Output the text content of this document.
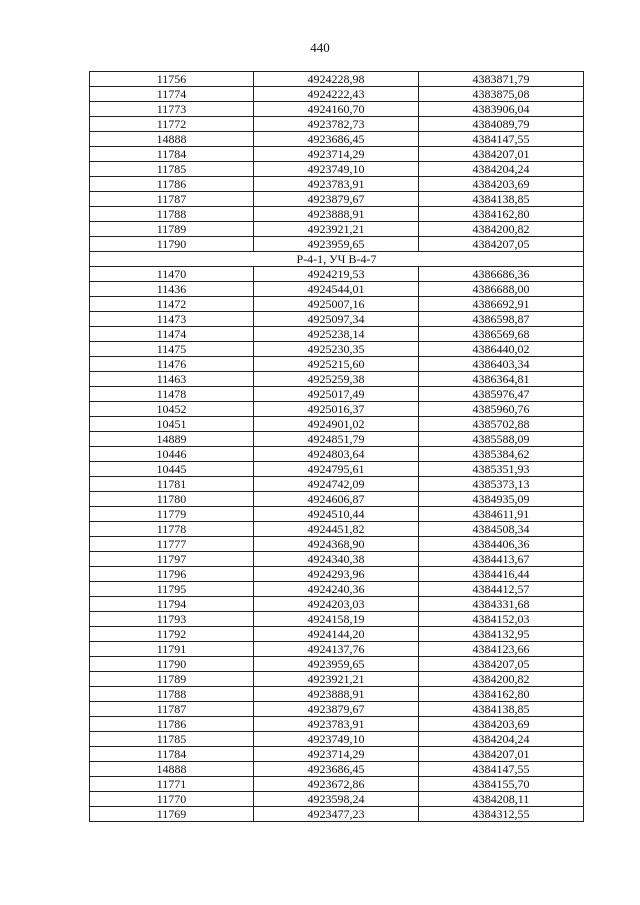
440
11756	4924228,98	4383871,79
11774	4924222,43	4383875,08
11773	4924160,70	4383906,04
11772	4923782,73	4384089,79
14888	4923686,45	4384147,55
11784	4923714,29	4384207,01
11785	4923749,10	4384204,24
11786	4923783,91	4384203,69
11787	4923879,67	4384138,85
11788	4923888,91	4384162,80
11789	4923921,21	4384200,82
11790	4923959,65	4384207,05
Р-4-1, УЧ В-4-7		
11470	4924219,53	4386686,36
11436	4924544,01	4386688,00
11472	4925007,16	4386692,91
11473	4925097,34	4386598,87
11474	4925238,14	4386569,68
11475	4925230,35	4386440,02
11476	4925215,60	4386403,34
11463	4925259,38	4386364,81
11478	4925017,49	4385976,47
10452	4925016,37	4385960,76
10451	4924901,02	4385702,88
14889	4924851,79	4385588,09
10446	4924803,64	4385384,62
10445	4924795,61	4385351,93
11781	4924742,09	4385373,13
11780	4924606,87	4384935,09
11779	4924510,44	4384611,91
11778	4924451,82	4384508,34
11777	4924368,90	4384406,36
11797	4924340,38	4384413,67
11796	4924293,96	4384416,44
11795	4924240,36	4384412,57
11794	4924203,03	4384331,68
11793	4924158,19	4384152,03
11792	4924144,20	4384132,95
11791	4924137,76	4384123,66
11790	4923959,65	4384207,05
11789	4923921,21	4384200,82
11788	4923888,91	4384162,80
11787	4923879,67	4384138,85
11786	4923783,91	4384203,69
11785	4923749,10	4384204,24
11784	4923714,29	4384207,01
14888	4923686,45	4384147,55
11771	4923672,86	4384155,70
11770	4923598,24	4384208,11
11769	4923477,23	4384312,55
